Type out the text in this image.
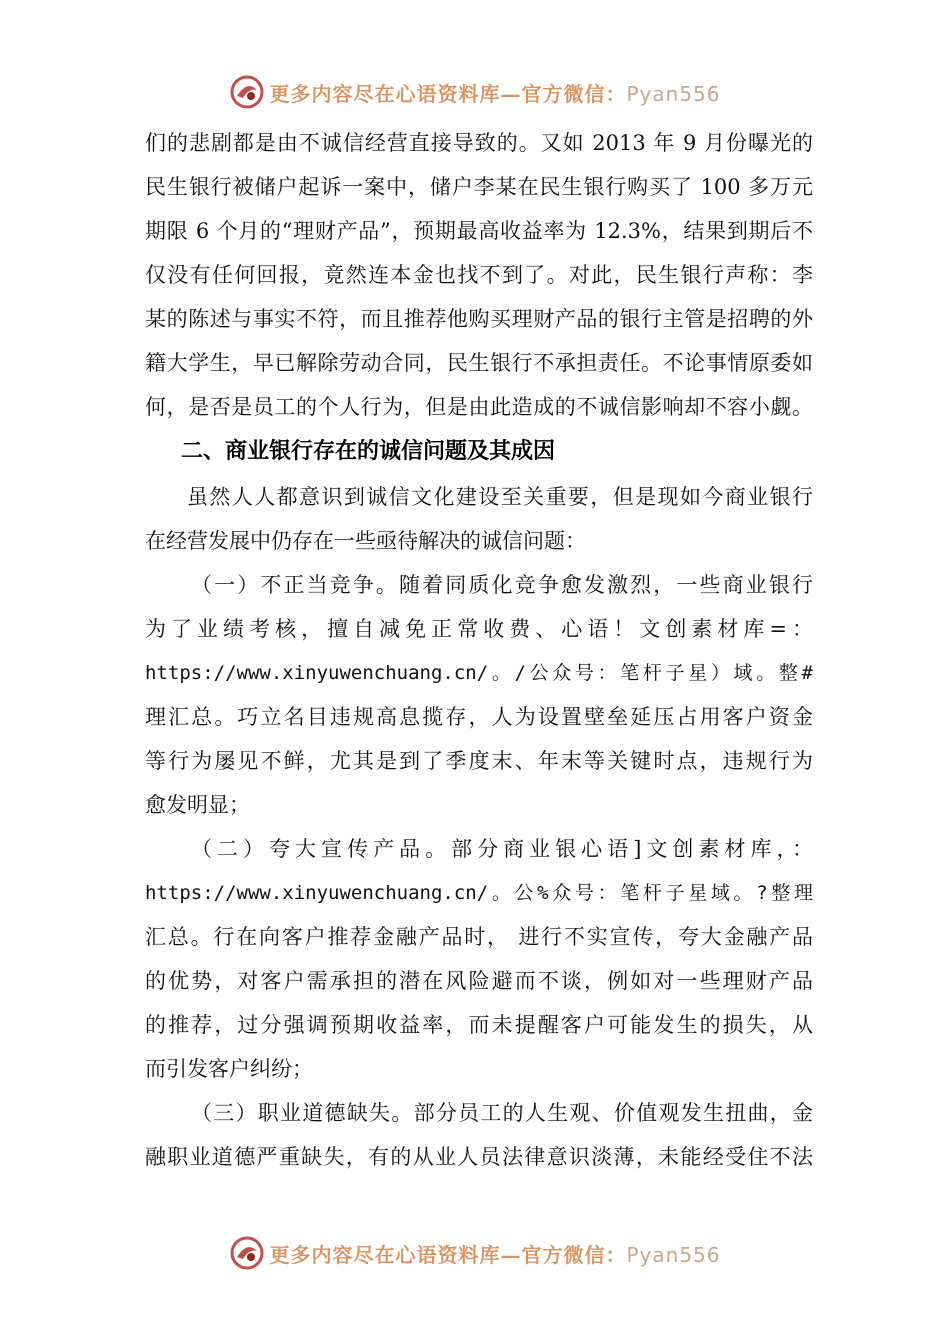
更多内容尽在心语资料库—官方微信：Pyan556
们的悲剧都是由不诚信经营直接导致的。又如 2013 年 9 月份曝光的
民生银行被储户起诉一案中，储户李某在民生银行购买了 100 多万元
期限 6 个月的“理财产品”，预期最高收益率为 12.3%，结果到期后不
仅没有任何回报，竟然连本金也找不到了。对此，民生银行声称：李
某的陈述与事实不符，而且推荐他购买理财产品的银行主管是招聘的外
籍大学生，早已解除劳动合同，民生银行不承担责任。不论事情原委如
何，是否是员工的个人行为，但是由此造成的不诚信影响却不容小觑。
二、商业银行存在的诚信问题及其成因
虽然人人都意识到诚信文化建设至关重要，但是现如今商业银行
在经营发展中仍存在一些亟待解决的诚信问题：
（一）不正当竞争。随着同质化竞争愈发激烈，一些商业银行
为了业绩考核，擅自减免正常收费、心语！文创素材库=：
https://www.xinyuwenchuang.cn/。/公众号：笔杆子星）域。整#
理汇总。巧立名目违规高息揽存，人为设置壁垒延压占用客户资金
等行为屡见不鲜，尤其是到了季度末、年末等关键时点，违规行为
愈发明显；
（二）夸大宣传产品。部分商业银心语]文创素材库，：
https://www.xinyuwenchuang.cn/。公%众号：笔杆子星域。?整理
汇总。行在向客户推荐金融产品时， 进行不实宣传，夸大金融产品
的优势，对客户需承担的潜在风险避而不谈，例如对一些理财产品
的推荐，过分强调预期收益率，而未提醒客户可能发生的损失，从
而引发客户纠纷；
（三）职业道德缺失。部分员工的人生观、价值观发生扭曲，金
融职业道德严重缺失，有的从业人员法律意识淡薄，未能经受住不法
更多内容尽在心语资料库—官方微信：Pyan556
